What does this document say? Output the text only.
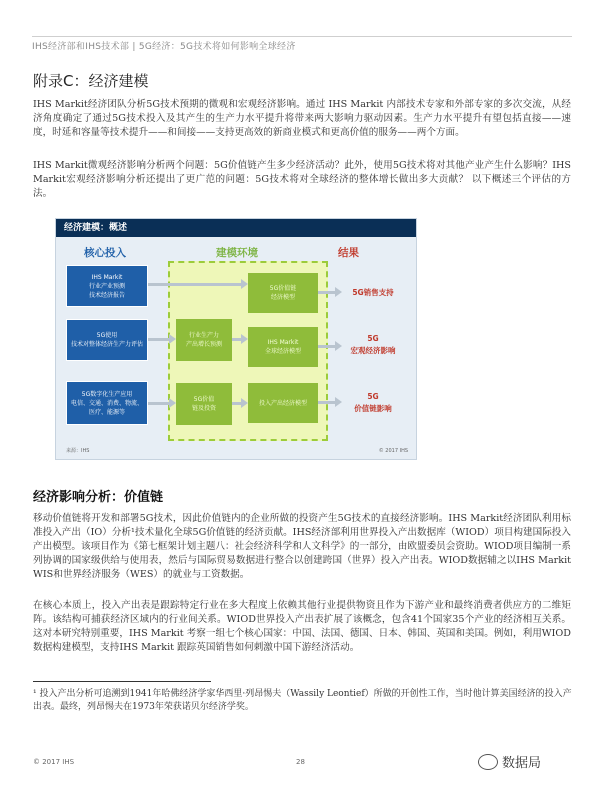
IHS经济部和IHS技术部 | 5G经济：5G技术将如何影响全球经济
附录C：经济建模
IHS Markit经济团队分析5G技术预期的微观和宏观经济影响。通过 IHS Markit 内部技术专家和外部专家的多次交流，从经济角度确定了通过5G技术投入及其产生的生产力水平提升将带来两大影响力驱动因素。生产力水平提升有望包括直接——速度，时延和容量等技术提升——和间接——支持更高效的新商业模式和更高价值的服务——两个方面。
IHS Markit微观经济影响分析两个问题：5G价值链产生多少经济活动？此外，使用5G技术将对其他产业产生什么影响？IHS Markit宏观经济影响分析还提出了更广范的问题：5G技术将对全球经济的整体增长做出多大贡献？ 以下概述三个评估的方法。
经济建模：概述
核心投入	建模环境	结果
IHS Markit
行业产业预测
技术经济报告
5G使用
技术对整体经济生产力评估
5G数字化生产应用
电信、交通、消费、物流、医疗、能源等
行业生产力
产出增长预测
5G价值
链及投资
5G价值链
经济模型
IHS Markit
全球经济模型
投入产出经济模型
5G销售支持
5G
宏观经济影响
5G
价值链影响
来源：IHS	© 2017 IHS
经济影响分析：价值链
移动价值链将开发和部署5G技术，因此价值链内的企业所做的投资产生5G技术的直接经济影响。IHS Markit经济团队利用标准投入产出（IO）分析¹技术量化全球5G价值链的经济贡献。IHS经济部利用世界投入产出数据库（WIOD）项目构建国际投入产出模型。该项目作为《第七框架计划主题八：社会经济科学和人文科学》的一部分，由欧盟委员会资助。WIOD项目编制一系列协调的国家级供给与使用表，然后与国际贸易数据进行整合以创建跨国（世界）投入产出表。WIOD数据辅之以IHS Markit WIS和世界经济服务（WES）的就业与工资数据。
在核心本质上，投入产出表是跟踪特定行业在多大程度上依赖其他行业提供物资且作为下游产业和最终消费者供应方的二维矩阵。该结构可捕获经济区域内的行业间关系。WIOD世界投入产出表扩展了该概念，包含41个国家35个产业的经济相互关系。这对本研究特别重要，IHS Markit 考察一组七个核心国家：中国、法国、德国、日本、韩国、英国和美国。例如，利用WIOD数据构建模型，支持IHS Markit 跟踪英国销售如何刺激中国下游经济活动。
¹ 投入产出分析可追溯到1941年哈佛经济学家华西里·列昂惕夫（Wassily Leontief）所做的开创性工作，当时他计算美国经济的投入产出表。最终，列昂惕夫在1973年荣获诺贝尔经济学奖。
© 2017 IHS	28	数据局
